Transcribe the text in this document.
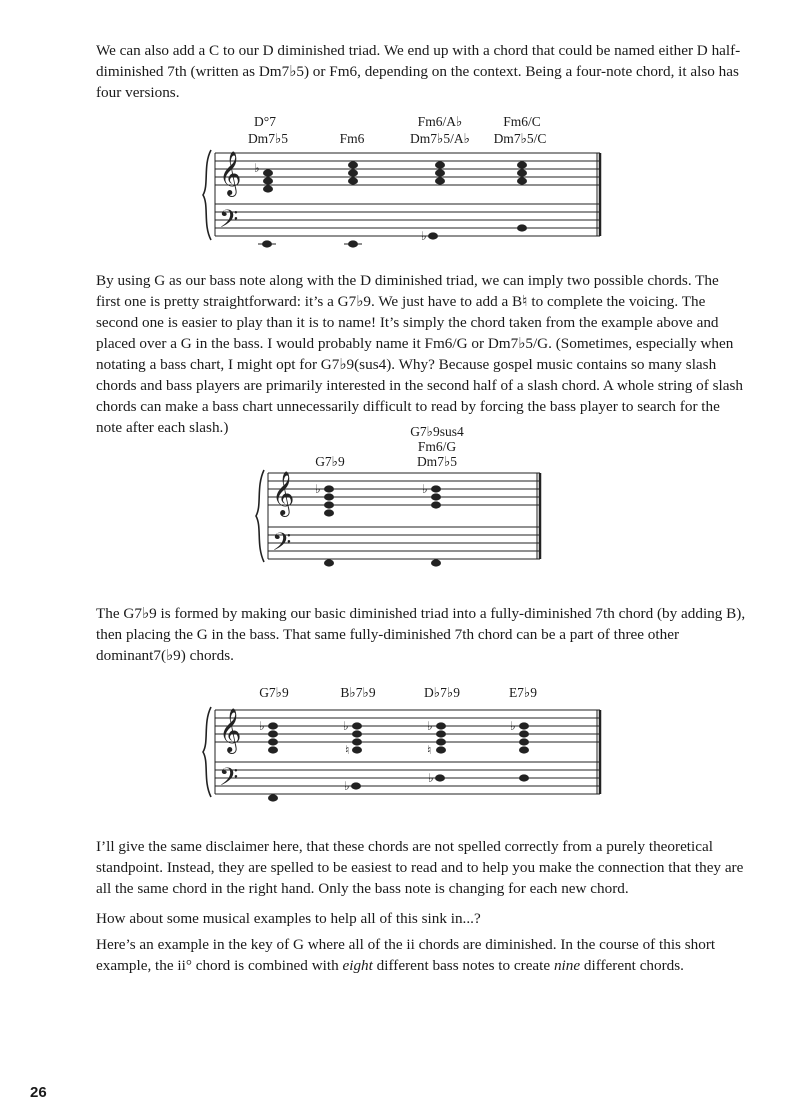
We can also add a C to our D diminished triad. We end up with a chord that could be named either D half-diminished 7th (written as Dm7♭5) or Fm6, depending on the context. Being a four-note chord, it also has four versions.

D°7
Dm7♭5	Fm6
Fm6/A♭
Dm7♭5/A♭
Fm6/C
Dm7♭5/C
𝄞
𝄢
♭
♭

By using G as our bass note along with the D diminished triad, we can imply two possible chords. The first one is pretty straightforward: it’s a G7♭9. We just have to add a B♮ to complete the voicing. The second one is easier to play than it is to name! It’s simply the chord taken from the example above and placed over a G in the bass. I would probably name it Fm6/G or Dm7♭5/G. (Sometimes, especially when notating a bass chart, I might opt for G7♭9(sus4). Why? Because gospel music contains so many slash chords and bass players are primarily interested in the second half of a slash chord. A whole string of slash chords can make a bass chart unnecessarily difficult to read by forcing the bass player to search for the note after each slash.)	G7♭9sus4
Fm6/G
G7♭9	Dm7♭5
𝄞
𝄢
♭	♭

The G7♭9 is formed by making our basic diminished triad into a fully-diminished 7th chord (by adding B), then placing the G in the bass. That same fully-diminished 7th chord can be a part of three other dominant7(♭9) chords.

G7♭9	B♭7♭9	D♭7♭9	E7♭9
𝄞
𝄢
♭	♭
♮
♭
♭
♮
♭
♭

I’ll give the same disclaimer here, that these chords are not spelled correctly from a purely theoretical standpoint. Instead, they are spelled to be easiest to read and to help you make the connection that they are all the same chord in the right hand. Only the bass note is changing for each new chord.

How about some musical examples to help all of this sink in...?

Here’s an example in the key of G where all of the ii chords are diminished. In the course of this short example, the ii° chord is combined with eight different bass notes to create nine different chords.

26
